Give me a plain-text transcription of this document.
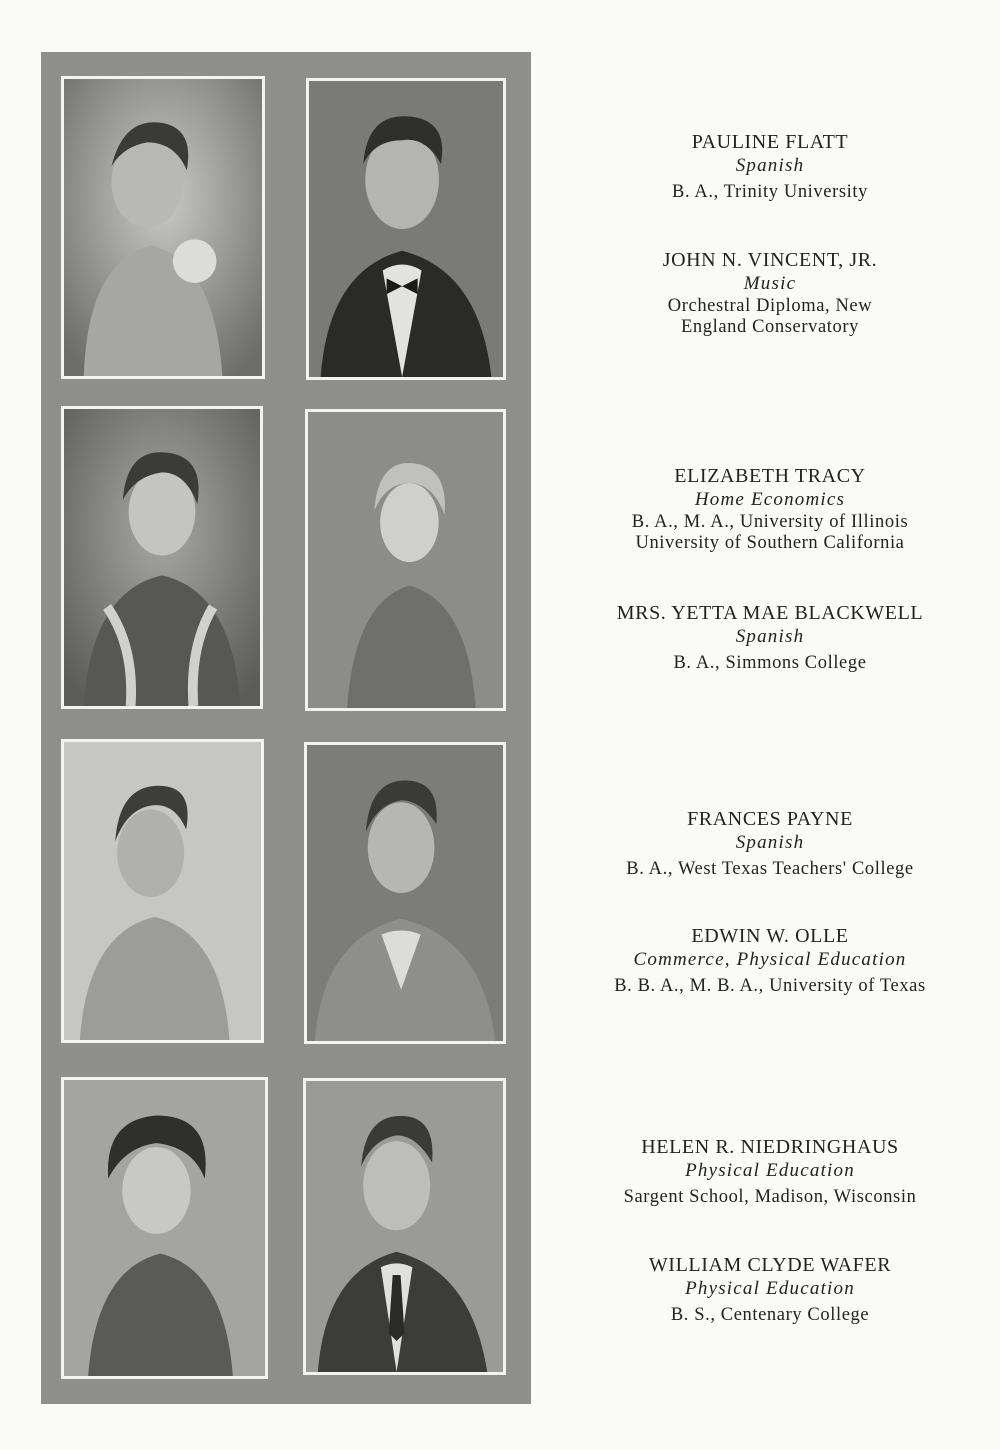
PAULINE FLATT
Spanish
B. A., Trinity University
JOHN N. VINCENT, JR.
Music
Orchestral Diploma, New
England Conservatory
ELIZABETH TRACY
Home Economics
B. A., M. A., University of Illinois
University of Southern California
MRS. YETTA MAE BLACKWELL
Spanish
B. A., Simmons College
FRANCES PAYNE
Spanish
B. A., West Texas Teachers' College
EDWIN W. OLLE
Commerce, Physical Education
B. B. A., M. B. A., University of Texas
HELEN R. NIEDRINGHAUS
Physical Education
Sargent School, Madison, Wisconsin
WILLIAM CLYDE WAFER
Physical Education
B. S., Centenary College
